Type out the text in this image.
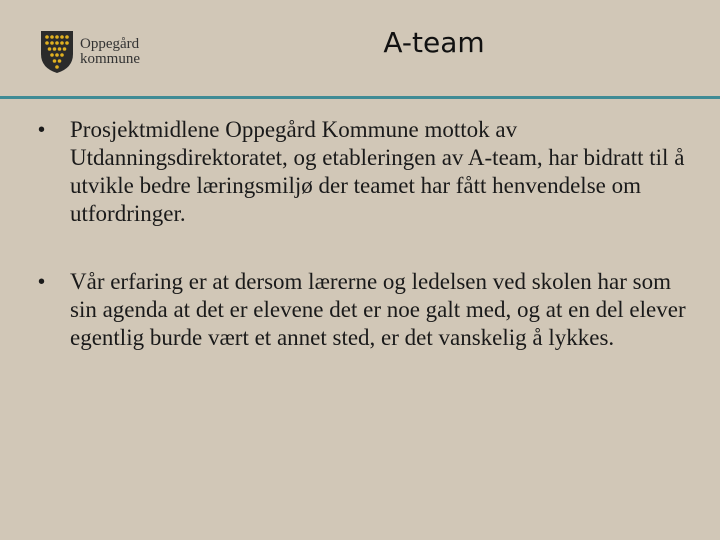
Oppegård
kommune	A-team
• Prosjektmidlene Oppegård Kommune mottok av Utdanningsdirektoratet, og etableringen av A-team, har bidratt til å utvikle bedre læringsmiljø der teamet har fått henvendelse om utfordringer.
• Vår erfaring er at dersom lærerne og ledelsen ved skolen har som sin agenda at det er elevene det er noe galt med, og at en del elever egentlig burde vært et annet sted, er det vanskelig å lykkes.
